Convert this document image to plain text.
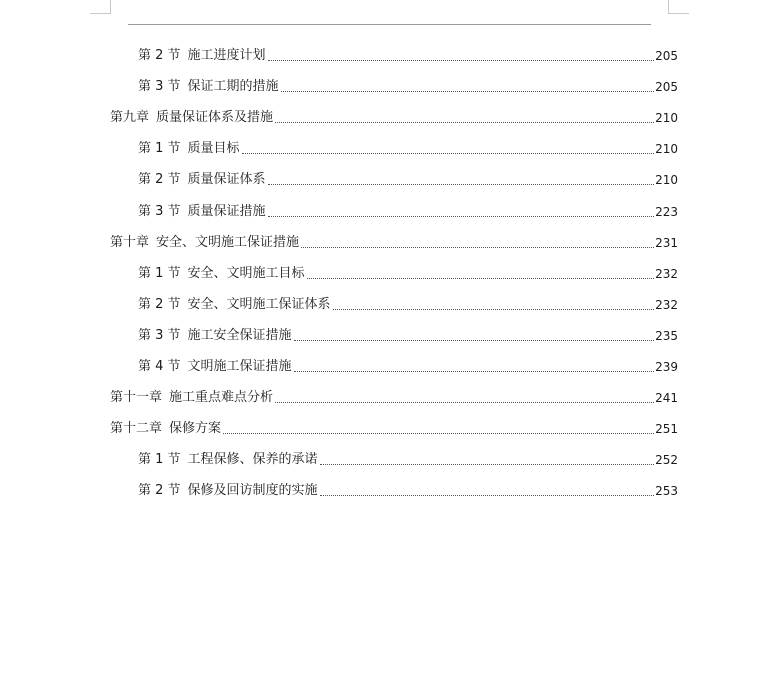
第 2 节 施工进度计划	205
第 3 节 保证工期的措施	205
第九章 质量保证体系及措施	210
第 1 节 质量目标	210
第 2 节 质量保证体系	210
第 3 节 质量保证措施	223
第十章 安全、文明施工保证措施	231
第 1 节 安全、文明施工目标	232
第 2 节 安全、文明施工保证体系	232
第 3 节 施工安全保证措施	235
第 4 节 文明施工保证措施	239
第十一章 施工重点难点分析	241
第十二章 保修方案	251
第 1 节 工程保修、保养的承诺	252
第 2 节 保修及回访制度的实施	253
